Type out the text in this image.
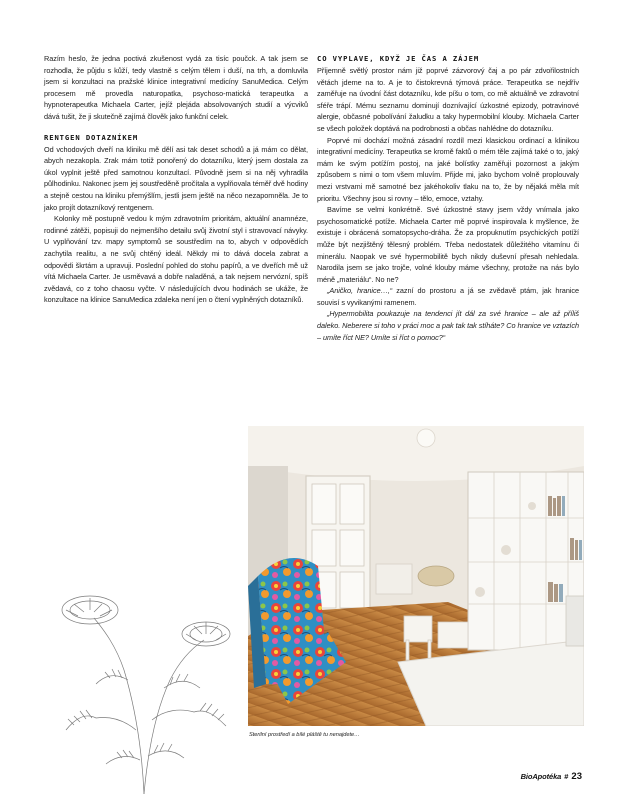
Razím heslo, že jedna poctivá zkušenost vydá za tisíc poučck. A tak jsem se rozhodla, že půjdu s kůží, tedy vlastně s celým tělem i duší, na trh, a domluvila jsem si konzultaci na pražské klinice integrativní medicíny SanuMedica. Celým procesem mě provedla naturopatka, psychoso-matická terapeutka a hypnoterapeutka Michaela Carter, jejíž plejáda absolvovaných studií a výcviků dává tušit, že ji skutečně zajímá člověk jako funkční celek.

RENTGEN DOTAZNÍKEM

Od vchodových dveří na kliniku mě dělí asi tak deset schodů a já mám co dělat, abych nezakopla. Zrak mám totiž ponořený do dotazníku, který jsem dostala za úkol vyplnit ještě před samotnou konzultací. Původně jsem si na něj vyhradila půlhodinku. Nakonec jsem jej soustředěně pročítala a vyplňovala téměř dvě hodiny a stejně cestou na kliniku přemýšlím, jestli jsem ještě na něco nezapomněla. Je to jako projít dotazníkový rentgenem.

Kolonky mě postupně vedou k mým zdravotním prioritám, aktuální anamnéze, rodinné zátěži, popisuji do nejmenšího detailu svůj životní styl i stravovací návyky. U vyplňování tzv. mapy symptomů se soustředím na to, abych v odpovědích zachytila realitu, a ne svůj chtěný ideál. Někdy mi to dává docela zabrat a odpovědi škrtám a upravuji. Poslední pohled do stohu papírů, a ve dveřích mě už vítá Michaela Carter. Je usměvavá a dobře naladěná, a tak nejsem nervózní, spíš zvědavá, co z toho chaosu vyčte. V následujících dvou hodinách se ukáže, že konzultace na klinice SanuMedica zdaleka není jen o čtení vyplněných dotazníků.

CO VYPLAVE, KDYŽ JE ČAS A ZÁJEM

Příjemně světlý prostor nám již poprvé zázvorový čaj a po pár zdvořilostních větách jdeme na to. A je to čistokrevná týmová práce. Terapeutka se nejdřív zaměřuje na úvodní část dotazníku, kde píšu o tom, co mě aktuálně ve zdravotní sféře trápí. Mému seznamu dominují doznívající úzkostné epizody, potravinové alergie, občasné pobolívání žaludku a taky hypermobilní klouby. Michaela Carter se všech položek doptává na podrobnosti a občas nahlédne do dotazníku.

Poprvé mi dochází možná zásadní rozdíl mezi klasickou ordinací a klinikou integrativní medicíny. Terapeutka se kromě faktů o mém těle zajímá také o to, jaký mám ke svým potížím postoj, na jaké bolístky zaměřuji pozornost a jakým způsobem s nimi o tom všem mluvím. Přijde mi, jako bychom volně proplouvaly mezi vrstvami mě samotné bez jakéhokoliv tlaku na to, že by nějaká měla mít prioritu. Všechny jsou si rovny – tělo, emoce, vztahy.

Bavíme se velmi konkrétně. Své úzkostné stavy jsem vždy vnímala jako psychosomatické potíže. Michaela Carter mě poprvé inspirovala k myšlence, že existuje i obrácená somatopsycho-dráha. Že za propuknutím psychických potíží může být nezjištěný tělesný problém. Třeba nedostatek důležitého vitamínu či minerálu. Naopak ve své hypermobilitě bych nikdy duševní přesah nehledala. Narodila jsem se jako trojče, volné klouby máme všechny, protože na nás bylo méně „materiálu“. No ne?

„Aničko, hranice…,“ zazní do prostoru a já se zvědavě ptám, jak hranice souvisí s vyvikanými ramenem.

„Hypermobilita poukazuje na tendenci jít dál za své hranice – ale až příliš daleko. Neberere si toho v práci moc a pak tak tak stíháte? Co hranice ve vztazích – umíte říct NE? Umíte si říct o pomoc?“

Sterilní prostředí a bílé pláště tu nenajdete…
BioApotéka # 23
